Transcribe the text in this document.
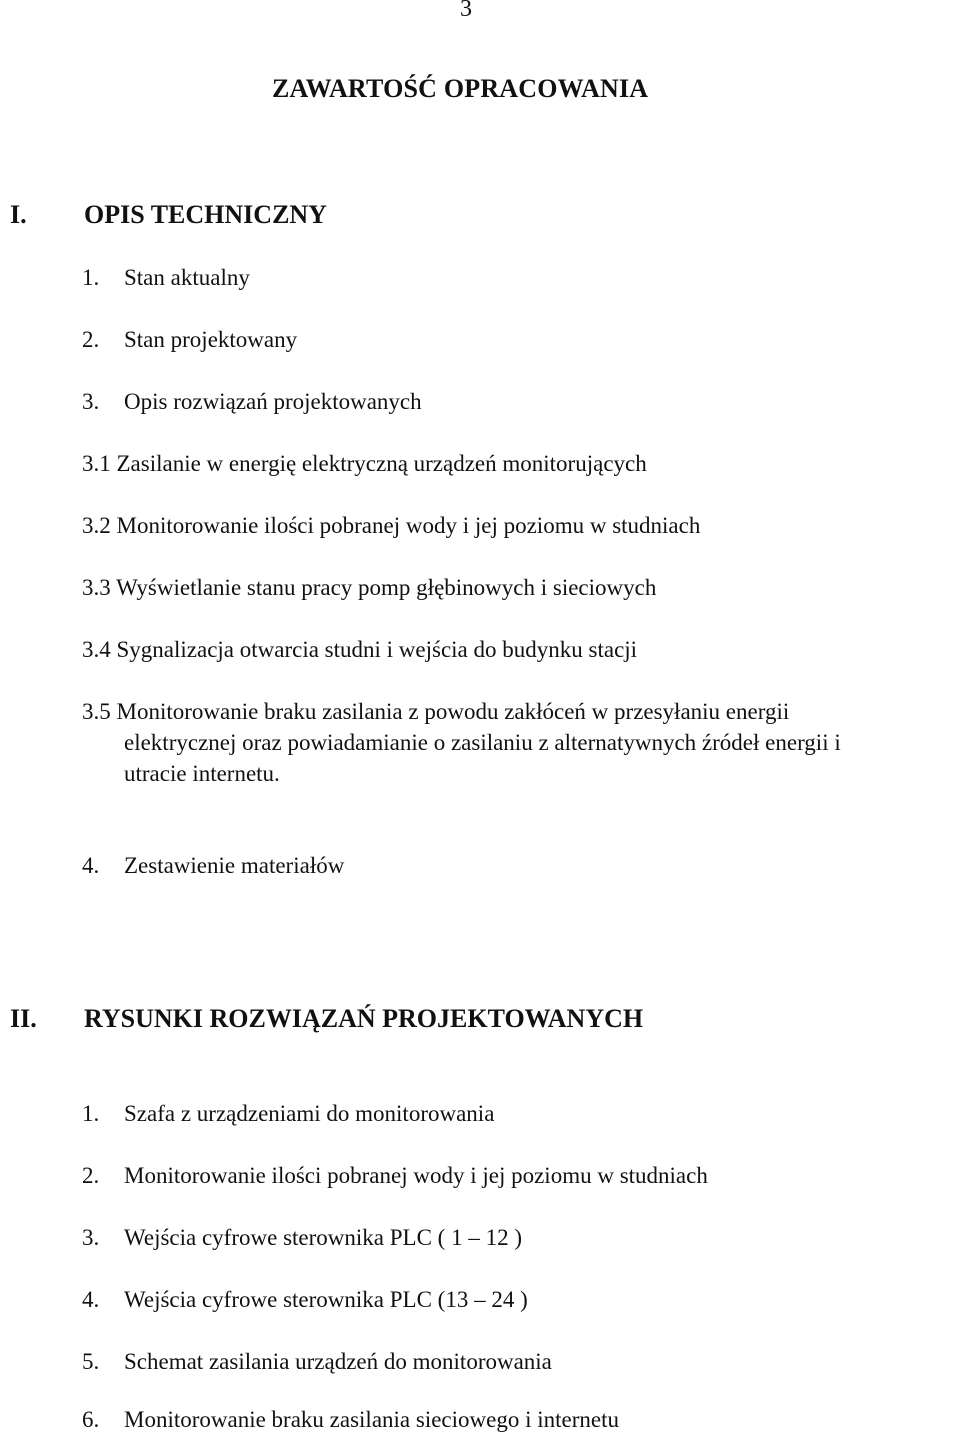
3
ZAWARTOŚĆ OPRACOWANIA
I. OPIS TECHNICZNY
1. Stan aktualny
2. Stan projektowany
3. Opis rozwiązań projektowanych
3.1 Zasilanie w energię elektryczną urządzeń monitorujących
3.2 Monitorowanie ilości pobranej wody i jej poziomu w studniach
3.3 Wyświetlanie stanu pracy pomp głębinowych i sieciowych
3.4 Sygnalizacja otwarcia studni i wejścia do budynku stacji
3.5 Monitorowanie braku zasilania z powodu zakłóceń w przesyłaniu energii
elektrycznej oraz powiadamianie o zasilaniu z alternatywnych źródeł energii i
utracie internetu.
4. Zestawienie materiałów
II. RYSUNKI ROZWIĄZAŃ PROJEKTOWANYCH
1. Szafa z urządzeniami do monitorowania
2. Monitorowanie ilości pobranej wody i jej poziomu w studniach
3. Wejścia cyfrowe sterownika PLC ( 1 – 12 )
4. Wejścia cyfrowe sterownika PLC (13 – 24 )
5. Schemat zasilania urządzeń do monitorowania
6. Monitorowanie braku zasilania sieciowego i internetu
